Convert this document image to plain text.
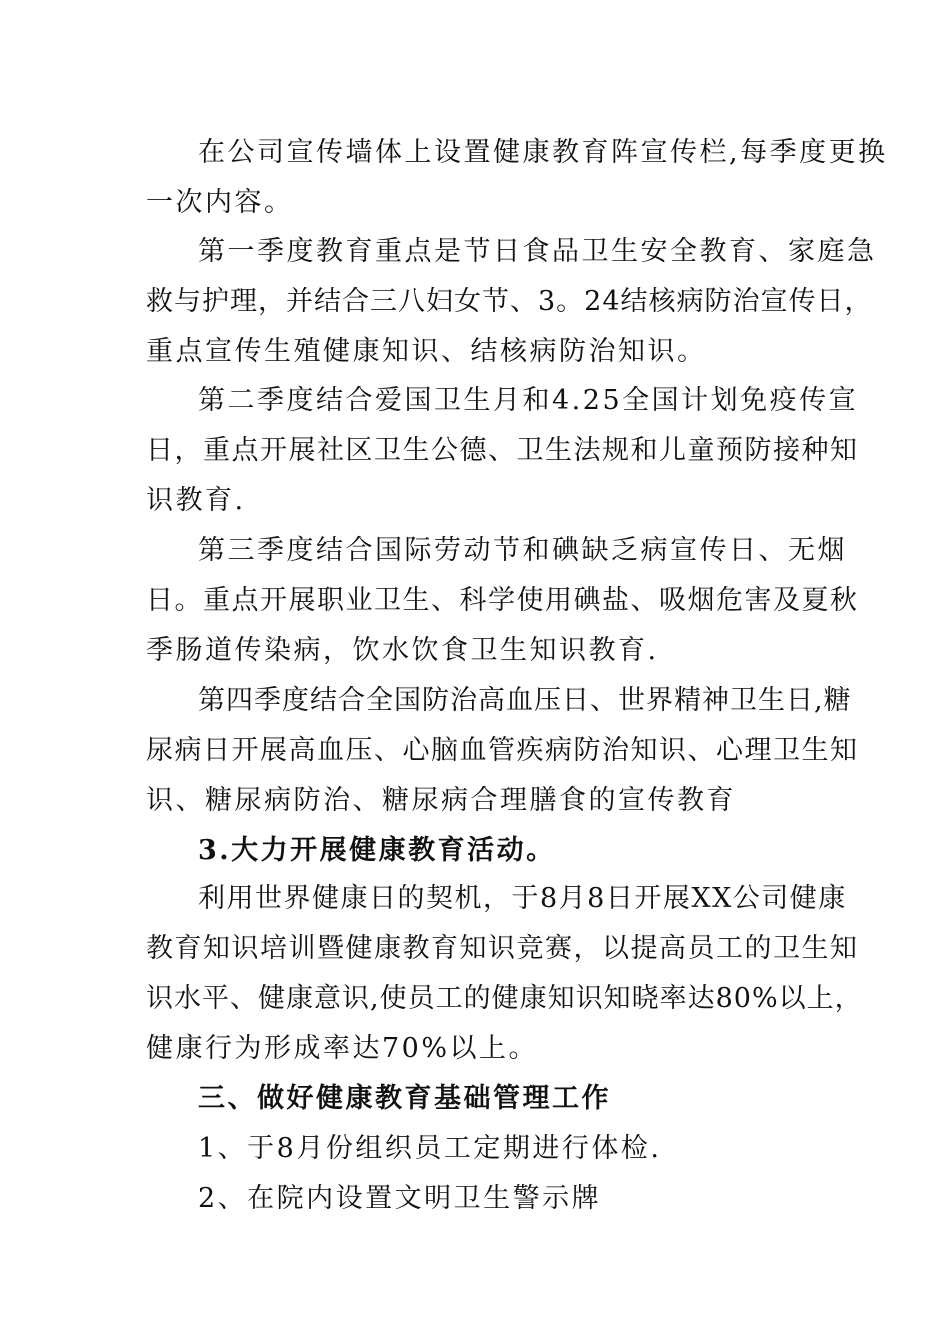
在公司宣传墙体上设置健康教育阵宣传栏,每季度更换
一次内容。
第一季度教育重点是节日食品卫生安全教育、家庭急
救与护理，并结合三八妇女节、3。24结核病防治宣传日，
重点宣传生殖健康知识、结核病防治知识。
第二季度结合爱国卫生月和4.25全国计划免疫传宣
日，重点开展社区卫生公德、卫生法规和儿童预防接种知
识教育.
第三季度结合国际劳动节和碘缺乏病宣传日、无烟
日。重点开展职业卫生、科学使用碘盐、吸烟危害及夏秋
季肠道传染病，饮水饮食卫生知识教育.
第四季度结合全国防治高血压日、世界精神卫生日,糖
尿病日开展高血压、心脑血管疾病防治知识、心理卫生知
识、糖尿病防治、糖尿病合理膳食的宣传教育
3.大力开展健康教育活动。
利用世界健康日的契机，于8月8日开展XX公司健康
教育知识培训暨健康教育知识竞赛，以提高员工的卫生知
识水平、健康意识,使员工的健康知识知晓率达80%以上，
健康行为形成率达70%以上。
三、做好健康教育基础管理工作
1、于8月份组织员工定期进行体检.
2、在院内设置文明卫生警示牌
